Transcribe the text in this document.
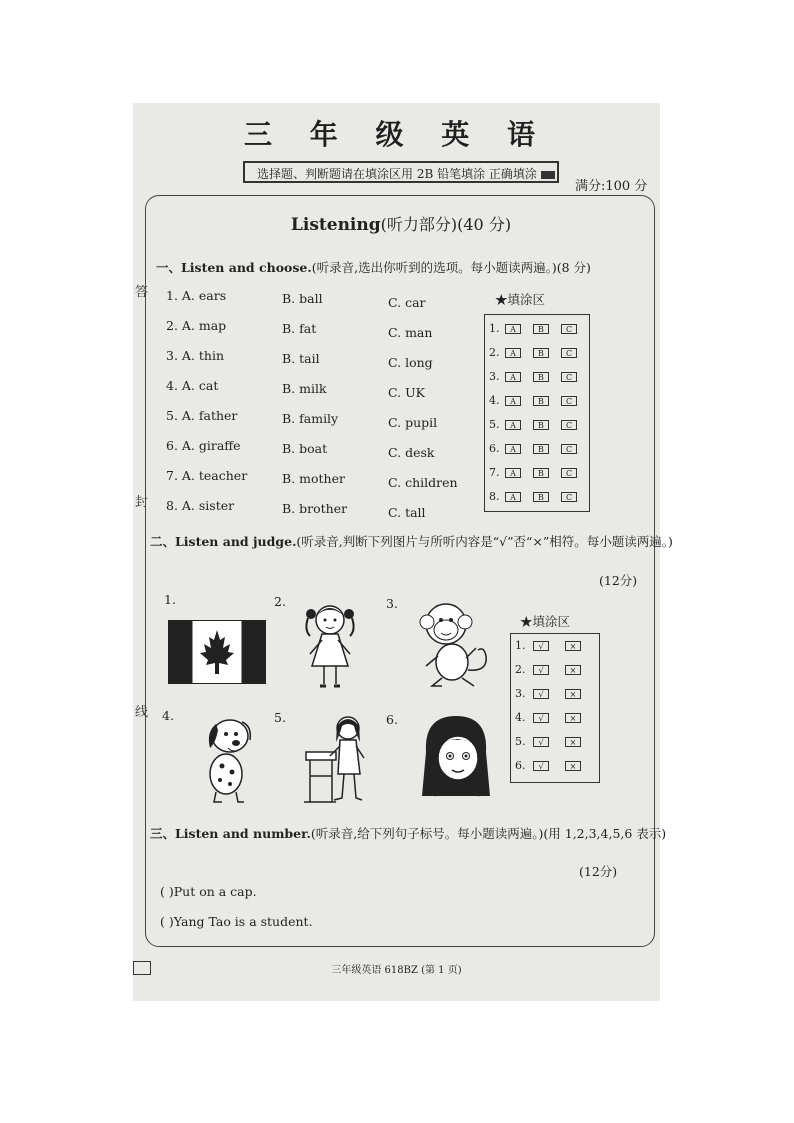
答
封
线
三 年 级 英 语
选择题、判断题请在填涂区用 2B 铅笔填涂 正确填涂
满分:100 分
Listening(听力部分)(40 分)
一、Listen and choose.(听录音,选出你听到的选项。每小题读两遍。)(8 分)
1. A. ears	B. ball	C. car
2. A. map	B. fat	C. man
3. A. thin	B. tail	C. long
4. A. cat	B. milk	C. UK
5. A. father	B. family	C. pupil
6. A. giraffe	B. boat	C. desk
7. A. teacher	B. mother	C. children
8. A. sister	B. brother	C. tall
★填涂区
1.	A	B	C
2.	A	B	C
3.	A	B	C
4.	A	B	C
5.	A	B	C
6.	A	B	C
7.	A	B	C
8.	A	B	C
二、Listen and judge.(听录音,判断下列图片与所听内容是“√”否“×”相符。每小题读两遍。)
(12分)
1.	2.	3.
4.	5.	6.
★填涂区
1.	√	×
2.	√	×
3.	√	×
4.	√	×
5.	√	×
6.	√	×
三、Listen and number.(听录音,给下列句子标号。每小题读两遍。)(用 1,2,3,4,5,6 表示)
(12分)
( )Put on a cap.
( )Yang Tao is a student.
三年级英语 618BZ (第 1 页)
